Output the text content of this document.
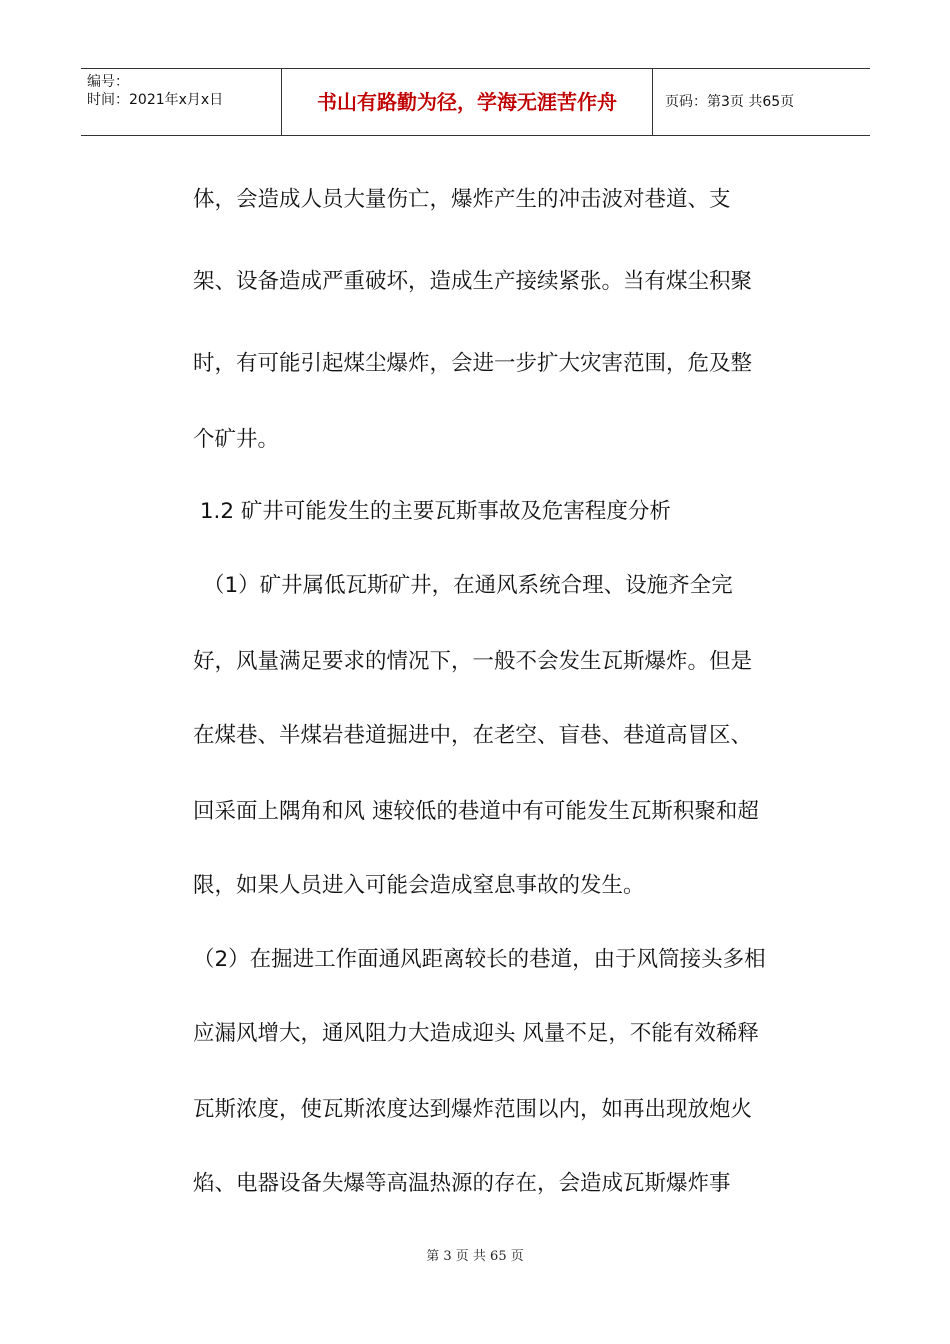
编号：
时间：2021年x月x日	书山有路勤为径，学海无涯苦作舟	页码：第3页 共65页
体，会造成人员大量伤亡，爆炸产生的冲击波对巷道、支
架、设备造成严重破坏，造成生产接续紧张。当有煤尘积聚
时，有可能引起煤尘爆炸，会进一步扩大灾害范围，危及整
个矿井。
1.2 矿井可能发生的主要瓦斯事故及危害程度分析
（1）矿井属低瓦斯矿井，在通风系统合理、设施齐全完
好，风量满足要求的情况下，一般不会发生瓦斯爆炸。但是
在煤巷、半煤岩巷道掘进中，在老空、盲巷、巷道高冒区、
回采面上隅角和风 速较低的巷道中有可能发生瓦斯积聚和超
限，如果人员进入可能会造成窒息事故的发生。
（2）在掘进工作面通风距离较长的巷道，由于风筒接头多相
应漏风增大，通风阻力大造成迎头 风量不足，不能有效稀释
瓦斯浓度，使瓦斯浓度达到爆炸范围以内，如再出现放炮火
焰、电器设备失爆等高温热源的存在，会造成瓦斯爆炸事
第 3 页 共 65 页
